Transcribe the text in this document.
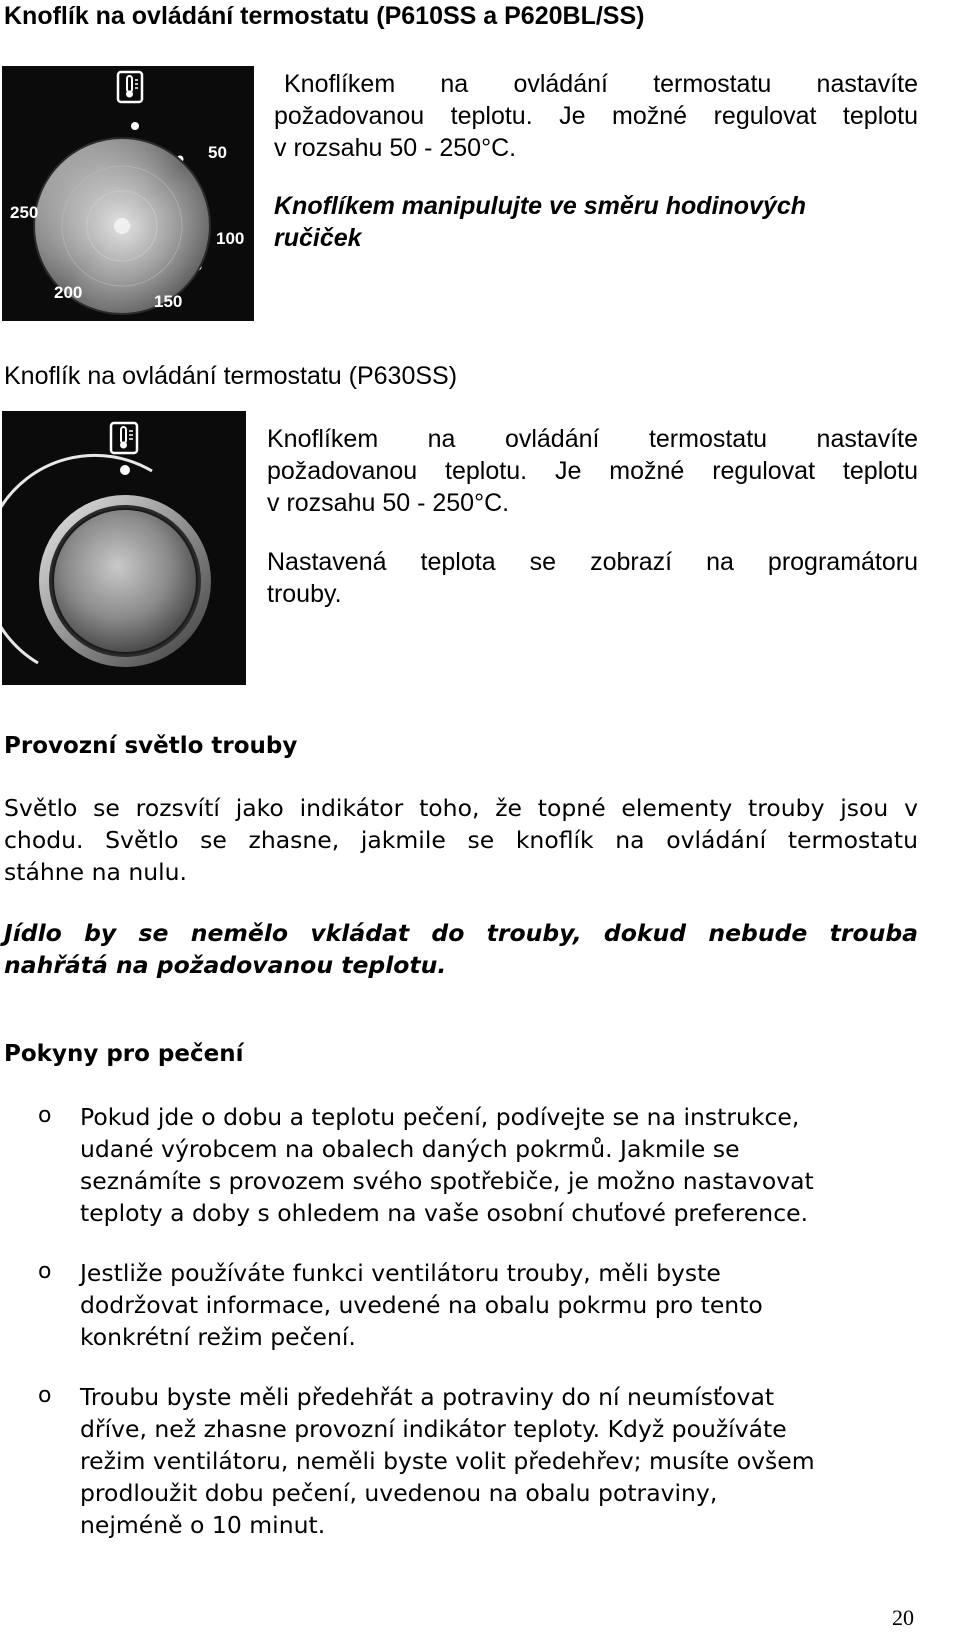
Knoflík na ovládání termostatu (P610SS a P620BL/SS)
50
100
150
200
250
Knoflíkem na ovládání termostatu nastavíte
požadovanou teplotu. Je možné regulovat teplotu
v rozsahu 50 - 250°C.
Knoflíkem manipulujte ve směru hodinových
ručiček
Knoflík na ovládání termostatu (P630SS)
Knoflíkem na ovládání termostatu nastavíte
požadovanou teplotu. Je možné regulovat teplotu
v rozsahu 50 - 250°C.
Nastavená teplota se zobrazí na programátoru
trouby.
Provozní světlo trouby
Světlo se rozsvítí jako indikátor toho, že topné elementy trouby jsou v
chodu. Světlo se zhasne, jakmile se knoflík na ovládání termostatu
stáhne na nulu.
Jídlo by se nemělo vkládat do trouby, dokud nebude trouba
nahřátá na požadovanou teplotu.
Pokyny pro pečení
o Pokud jde o dobu a teplotu pečení, podívejte se na instrukce,
udané výrobcem na obalech daných pokrmů. Jakmile se
seznámíte s provozem svého spotřebiče, je možno nastavovat
teploty a doby s ohledem na vaše osobní chuťové preference.
o Jestliže používáte funkci ventilátoru trouby, měli byste
dodržovat informace, uvedené na obalu pokrmu pro tento
konkrétní režim pečení.
o Troubu byste měli předehřát a potraviny do ní neumísťovat
dříve, než zhasne provozní indikátor teploty. Když používáte
režim ventilátoru, neměli byste volit předehřev; musíte ovšem
prodloužit dobu pečení, uvedenou na obalu potraviny,
nejméně o 10 minut.
20
